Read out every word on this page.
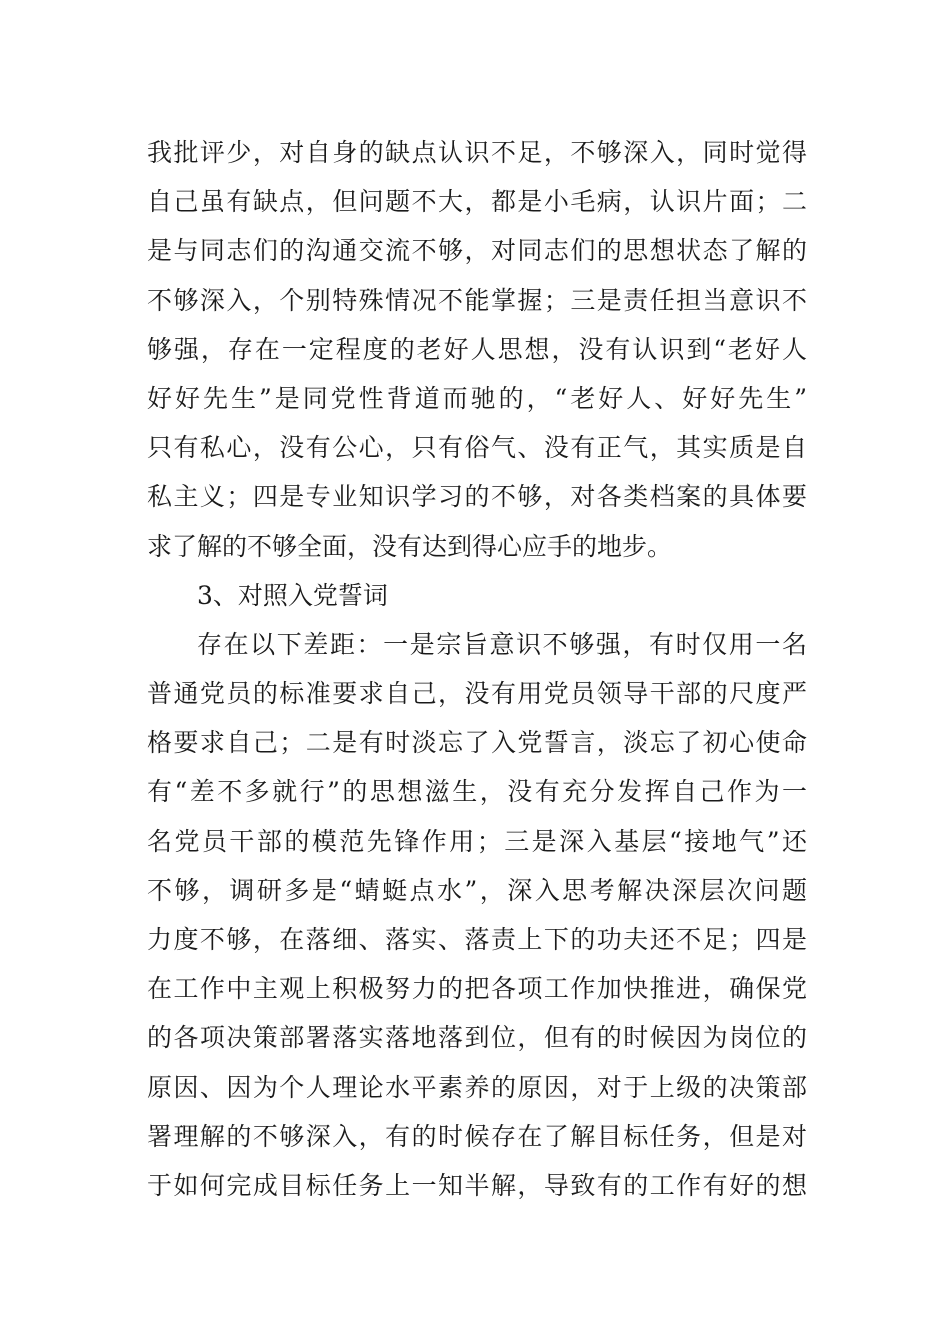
我批评少，对自身的缺点认识不足，不够深入，同时觉得
自己虽有缺点，但问题不大，都是小毛病，认识片面；二
是与同志们的沟通交流不够，对同志们的思想状态了解的
不够深入，个别特殊情况不能掌握；三是责任担当意识不
够强，存在一定程度的老好人思想，没有认识到“老好人
好好先生”是同党性背道而驰的，“老好人、好好先生”
只有私心，没有公心，只有俗气、没有正气，其实质是自
私主义；四是专业知识学习的不够，对各类档案的具体要
求了解的不够全面，没有达到得心应手的地步。
3、对照入党誓词
存在以下差距：一是宗旨意识不够强，有时仅用一名
普通党员的标准要求自己，没有用党员领导干部的尺度严
格要求自己；二是有时淡忘了入党誓言，淡忘了初心使命
有“差不多就行”的思想滋生，没有充分发挥自己作为一
名党员干部的模范先锋作用；三是深入基层“接地气”还
不够，调研多是“蜻蜓点水”，深入思考解决深层次问题
力度不够，在落细、落实、落责上下的功夫还不足；四是
在工作中主观上积极努力的把各项工作加快推进，确保党
的各项决策部署落实落地落到位，但有的时候因为岗位的
原因、因为个人理论水平素养的原因，对于上级的决策部
署理解的不够深入，有的时候存在了解目标任务，但是对
于如何完成目标任务上一知半解，导致有的工作有好的想
